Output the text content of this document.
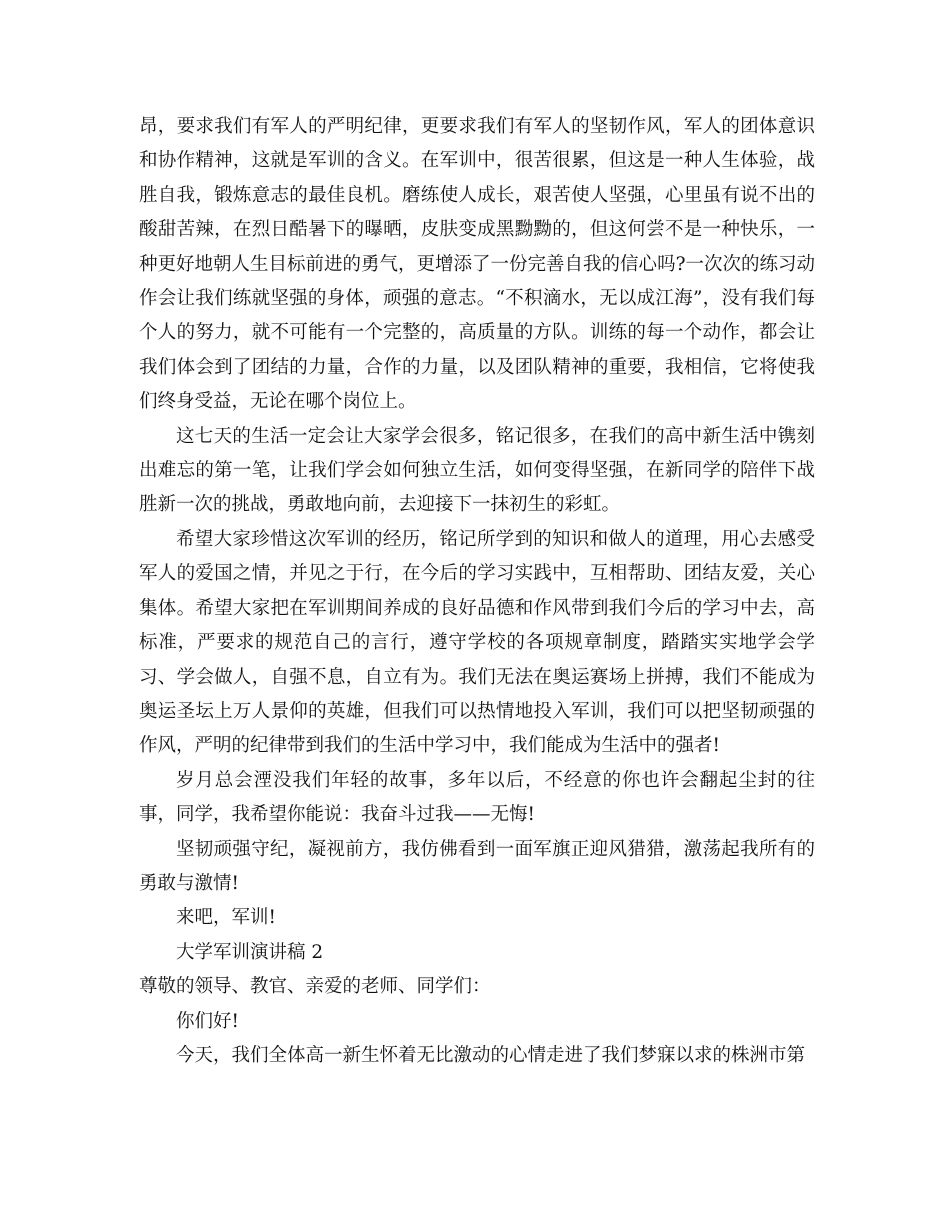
昂，要求我们有军人的严明纪律，更要求我们有军人的坚韧作风，军人的团体意识和协作精神，这就是军训的含义。在军训中，很苦很累，但这是一种人生体验，战胜自我，锻炼意志的最佳良机。磨练使人成长，艰苦使人坚强，心里虽有说不出的酸甜苦辣，在烈日酷暑下的曝晒，皮肤变成黑黝黝的，但这何尝不是一种快乐，一种更好地朝人生目标前进的勇气，更增添了一份完善自我的信心吗?一次次的练习动作会让我们练就坚强的身体，顽强的意志。“不积滴水，无以成江海”，没有我们每个人的努力，就不可能有一个完整的，高质量的方队。训练的每一个动作，都会让我们体会到了团结的力量，合作的力量，以及团队精神的重要，我相信，它将使我们终身受益，无论在哪个岗位上。

这七天的生活一定会让大家学会很多，铭记很多，在我们的高中新生活中镌刻出难忘的第一笔，让我们学会如何独立生活，如何变得坚强，在新同学的陪伴下战胜新一次的挑战，勇敢地向前，去迎接下一抹初生的彩虹。

希望大家珍惜这次军训的经历，铭记所学到的知识和做人的道理，用心去感受军人的爱国之情，并见之于行，在今后的学习实践中，互相帮助、团结友爱，关心集体。希望大家把在军训期间养成的良好品德和作风带到我们今后的学习中去，高标准，严要求的规范自己的言行，遵守学校的各项规章制度，踏踏实实地学会学习、学会做人，自强不息，自立有为。我们无法在奥运赛场上拼搏，我们不能成为奥运圣坛上万人景仰的英雄，但我们可以热情地投入军训，我们可以把坚韧顽强的作风，严明的纪律带到我们的生活中学习中，我们能成为生活中的强者!

岁月总会湮没我们年轻的故事，多年以后，不经意的你也许会翻起尘封的往事，同学，我希望你能说：我奋斗过我——无悔!

坚韧顽强守纪，凝视前方，我仿佛看到一面军旗正迎风猎猎，激荡起我所有的勇敢与激情!

来吧，军训!

大学军训演讲稿 2

尊敬的领导、教官、亲爱的老师、同学们：

你们好!

今天，我们全体高一新生怀着无比激动的心情走进了我们梦寐以求的株洲市第
